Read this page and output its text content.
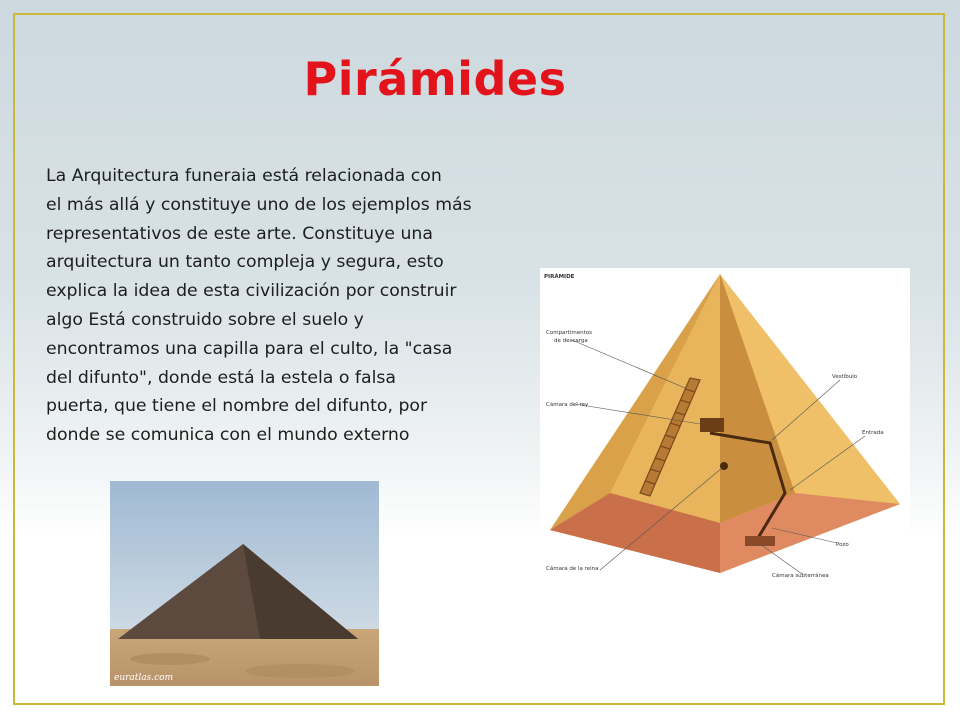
Pirámides
La Arquitectura funeraia está relacionada con
el más allá y constituye uno de los ejemplos más
representativos de este arte. Constituye una
arquitectura un tanto compleja y segura, esto
explica la idea de esta civilización por construir
algo Está construido sobre el suelo y
encontramos una capilla para el culto, la "casa
del difunto", donde está la estela o falsa
puerta, que tiene el nombre del difunto, por
donde se comunica con el mundo externo
euratlas.com
PIRÁMIDE
Compartimentos
de descarga
Cámara del rey
Vestíbulo
Entrada
Pozo
Cámara de la reina
Cámara subterránea
